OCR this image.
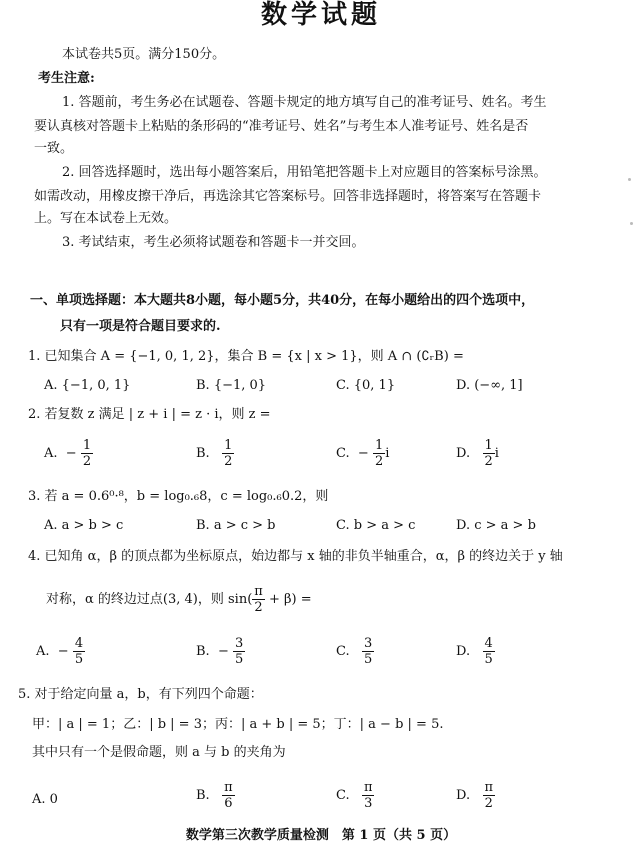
数学试题
本试卷共5页。满分150分。
考生注意:
1. 答题前，考生务必在试题卷、答题卡规定的地方填写自己的准考证号、姓名。考生
要认真核对答题卡上粘贴的条形码的“准考证号、姓名”与考生本人准考证号、姓名是否
一致。
2. 回答选择题时，选出每小题答案后，用铅笔把答题卡上对应题目的答案标号涂黑。
如需改动，用橡皮擦干净后，再选涂其它答案标号。回答非选择题时，将答案写在答题卡
上。写在本试卷上无效。
3. 考试结束，考生必须将试题卷和答题卡一并交回。
一、单项选择题：本大题共8小题，每小题5分，共40分，在每小题给出的四个选项中，
只有一项是符合题目要求的.
1. 已知集合 A = {−1, 0, 1, 2}，集合 B = {x | x > 1}，则 A ∩ (∁ᵣB) =
A. {−1, 0, 1}	B. {−1, 0}	C. {0, 1}	D. (−∞, 1]
2. 若复数 z 满足 | z + i | = z · i，则 z =
A. − $\frac{1}{2}$	B. $\frac{1}{2}$	C. − $\frac{1}{2}$ i	D. $\frac{1}{2}$ i
3. 若 a = 0.6⁰·⁸，b = log₀.₆8，c = log₀.₆0.2，则
A. a > b > c	B. a > c > b	C. b > a > c	D. c > a > b
4. 已知角 α，β 的顶点都为坐标原点，始边都与 x 轴的非负半轴重合，α，β 的终边关于 y 轴
对称，α 的终边过点(3, 4)，则 $\sin( \frac{\pi}{2} + \beta)$ =
A. − $\frac{4}{5}$	B. − $\frac{3}{5}$	C. $\frac{3}{5}$	D. $\frac{4}{5}$
5. 对于给定向量 a，b，有下列四个命题：
甲：| a | = 1；乙：| b | = 3；丙：| a + b | = 5；丁：| a − b | = 5.
其中只有一个是假命题，则 a 与 b 的夹角为
A. 0	B. $\frac{\pi}{6}$	C. $\frac{\pi}{3}$	D. $\frac{\pi}{2}$
数学第三次教学质量检测　第 1 页（共 5 页）
